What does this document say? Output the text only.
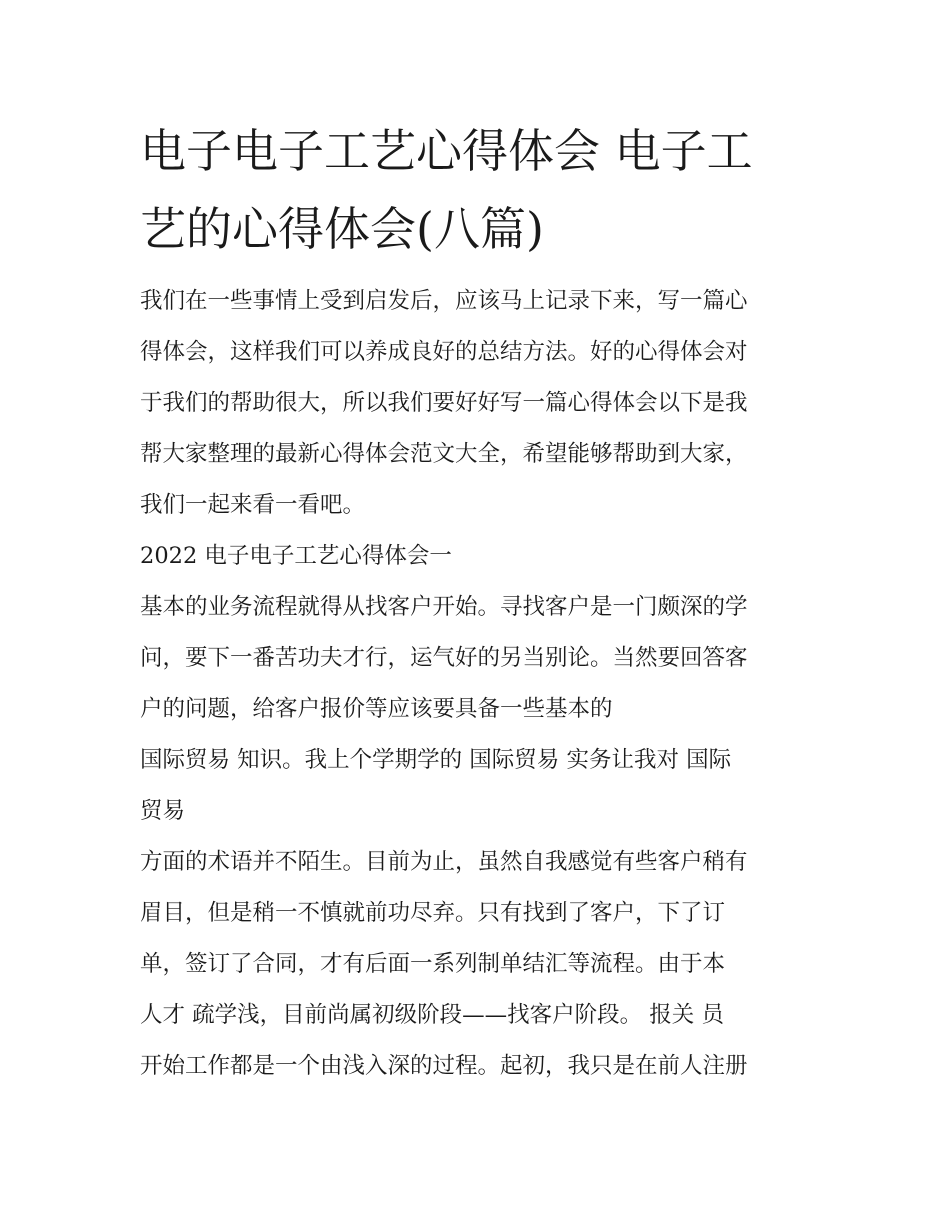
电子电子工艺心得体会 电子工
艺的心得体会(八篇)
我们在一些事情上受到启发后，应该马上记录下来，写一篇心
得体会，这样我们可以养成良好的总结方法。好的心得体会对
于我们的帮助很大，所以我们要好好写一篇心得体会以下是我
帮大家整理的最新心得体会范文大全，希望能够帮助到大家，
我们一起来看一看吧。
2022 电子电子工艺心得体会一
基本的业务流程就得从找客户开始。寻找客户是一门颇深的学
问，要下一番苦功夫才行，运气好的另当别论。当然要回答客
户的问题，给客户报价等应该要具备一些基本的
国际贸易 知识。我上个学期学的 国际贸易 实务让我对 国际
贸易
方面的术语并不陌生。目前为止，虽然自我感觉有些客户稍有
眉目，但是稍一不慎就前功尽弃。只有找到了客户，下了订
单，签订了合同，才有后面一系列制单结汇等流程。由于本
人才 疏学浅，目前尚属初级阶段——找客户阶段。 报关 员
开始工作都是一个由浅入深的过程。起初，我只是在前人注册
